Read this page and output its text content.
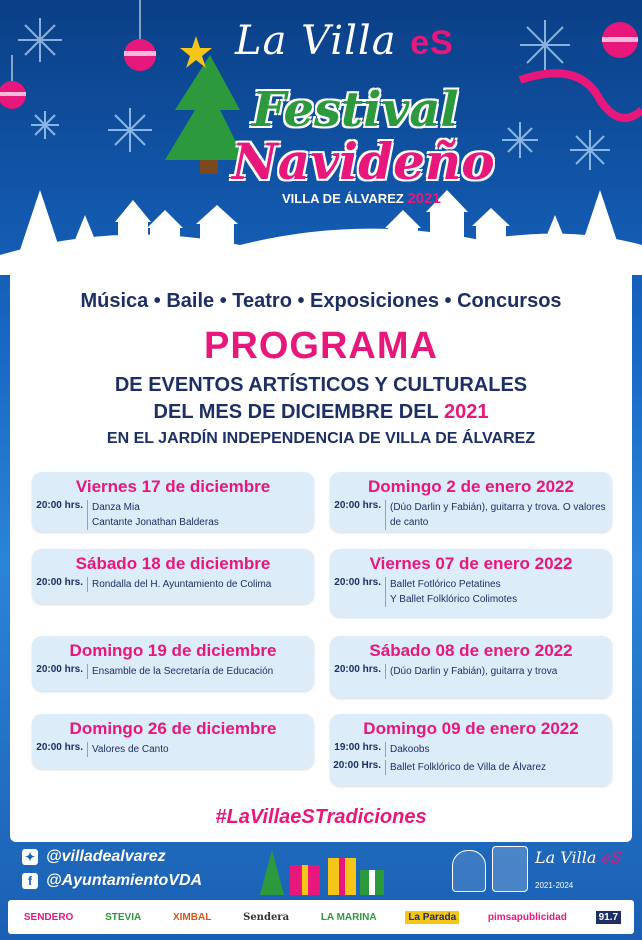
La Villa eS
Festival
Navideño
VILLA DE ÁLVAREZ 2021
Música • Baile • Teatro • Exposiciones • Concursos
PROGRAMA
DE EVENTOS ARTÍSTICOS Y CULTURALES
DEL MES DE DICIEMBRE DEL 2021
EN EL JARDÍN INDEPENDENCIA DE VILLA DE ÁLVAREZ
Viernes 17 de diciembre
20:00 hrs. Danza Mia
Cantante Jonathan Balderas
Domingo 2 de enero 2022
20:00 hrs. (Dúo Darlin y Fabián), guitarra y trova. O valores de canto
Sábado 18 de diciembre
20:00 hrs. Rondalla del H. Ayuntamiento de Colima
Viernes 07 de enero 2022
20:00 hrs. Ballet Fotlórico Petatines
Y Ballet Folklórico Colimotes
Domingo 19 de diciembre
20:00 hrs. Ensamble de la Secretaría de Educación
Sábado 08 de enero 2022
20:00 hrs. (Dúo Darlin y Fabián), guitarra y trova
Domingo 26 de diciembre
20:00 hrs. Valores de Canto
Domingo 09 de enero 2022
19:00 hrs. Dakoobs
20:00 Hrs. Ballet Folklórico de Villa de Álvarez
#LaVillaeSTradiciones
✦ @villadealvarez
f @AyuntamientoVDA
La Villa eS
2021-2024
SENDERO	STEVIA	XIMBAL	Sendera	LA MARINA	La Parada	pimsapublicidad	91.7
